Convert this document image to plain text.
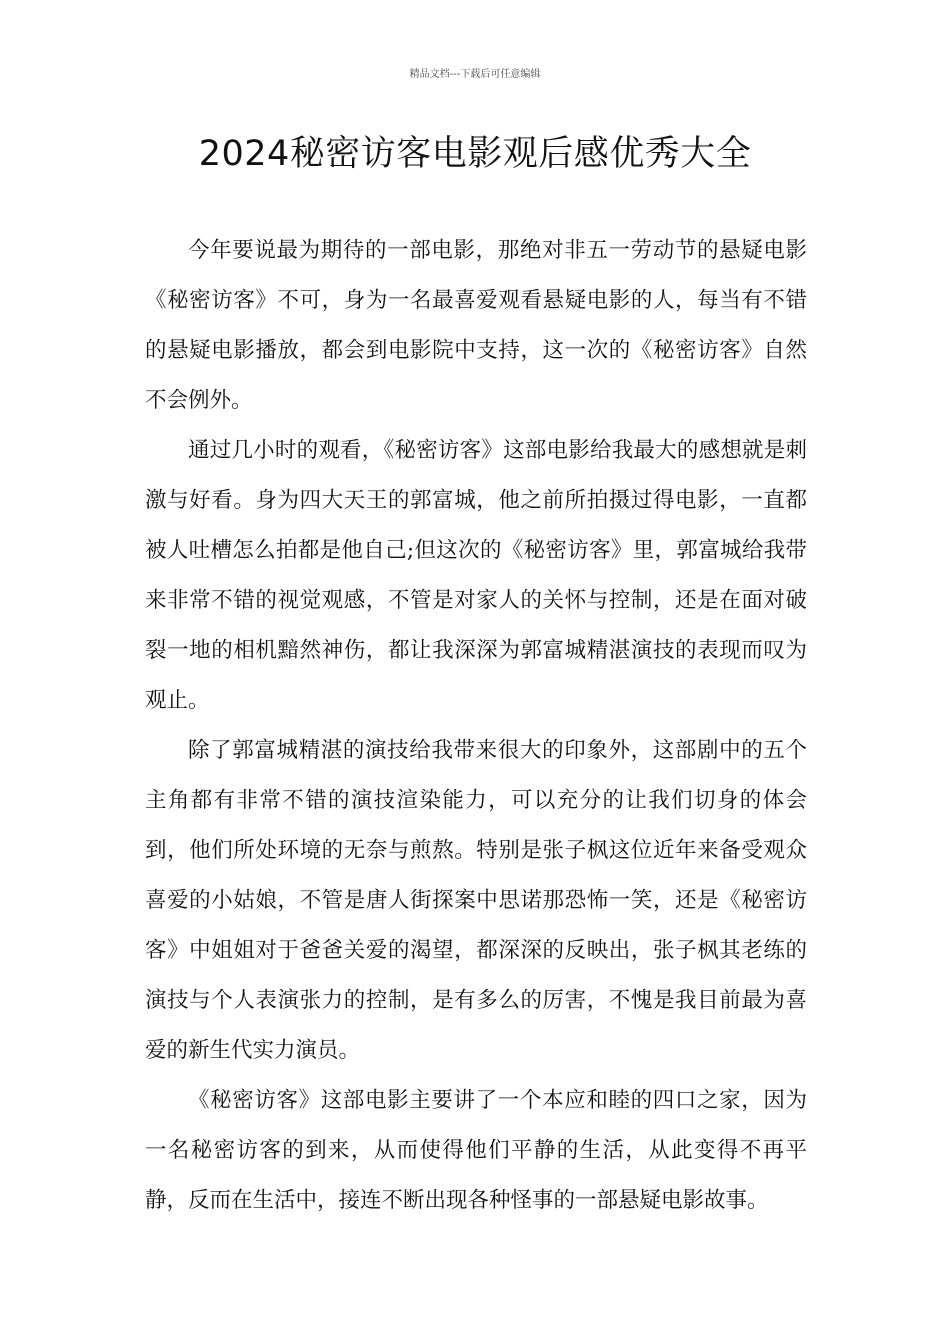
精品文档---下载后可任意编辑
2024秘密访客电影观后感优秀大全

今年要说最为期待的一部电影，那绝对非五一劳动节的悬疑电影《秘密访客》不可，身为一名最喜爱观看悬疑电影的人，每当有不错的悬疑电影播放，都会到电影院中支持，这一次的《秘密访客》自然不会例外。

通过几小时的观看，《秘密访客》这部电影给我最大的感想就是刺激与好看。身为四大天王的郭富城，他之前所拍摄过得电影，一直都被人吐槽怎么拍都是他自己;但这次的《秘密访客》里，郭富城给我带来非常不错的视觉观感，不管是对家人的关怀与控制，还是在面对破裂一地的相机黯然神伤，都让我深深为郭富城精湛演技的表现而叹为观止。

除了郭富城精湛的演技给我带来很大的印象外，这部剧中的五个主角都有非常不错的演技渲染能力，可以充分的让我们切身的体会到，他们所处环境的无奈与煎熬。特别是张子枫这位近年来备受观众喜爱的小姑娘，不管是唐人街探案中思诺那恐怖一笑，还是《秘密访客》中姐姐对于爸爸关爱的渴望，都深深的反映出，张子枫其老练的演技与个人表演张力的控制，是有多么的厉害，不愧是我目前最为喜爱的新生代实力演员。

《秘密访客》这部电影主要讲了一个本应和睦的四口之家，因为一名秘密访客的到来，从而使得他们平静的生活，从此变得不再平静，反而在生活中，接连不断出现各种怪事的一部悬疑电影故事。
